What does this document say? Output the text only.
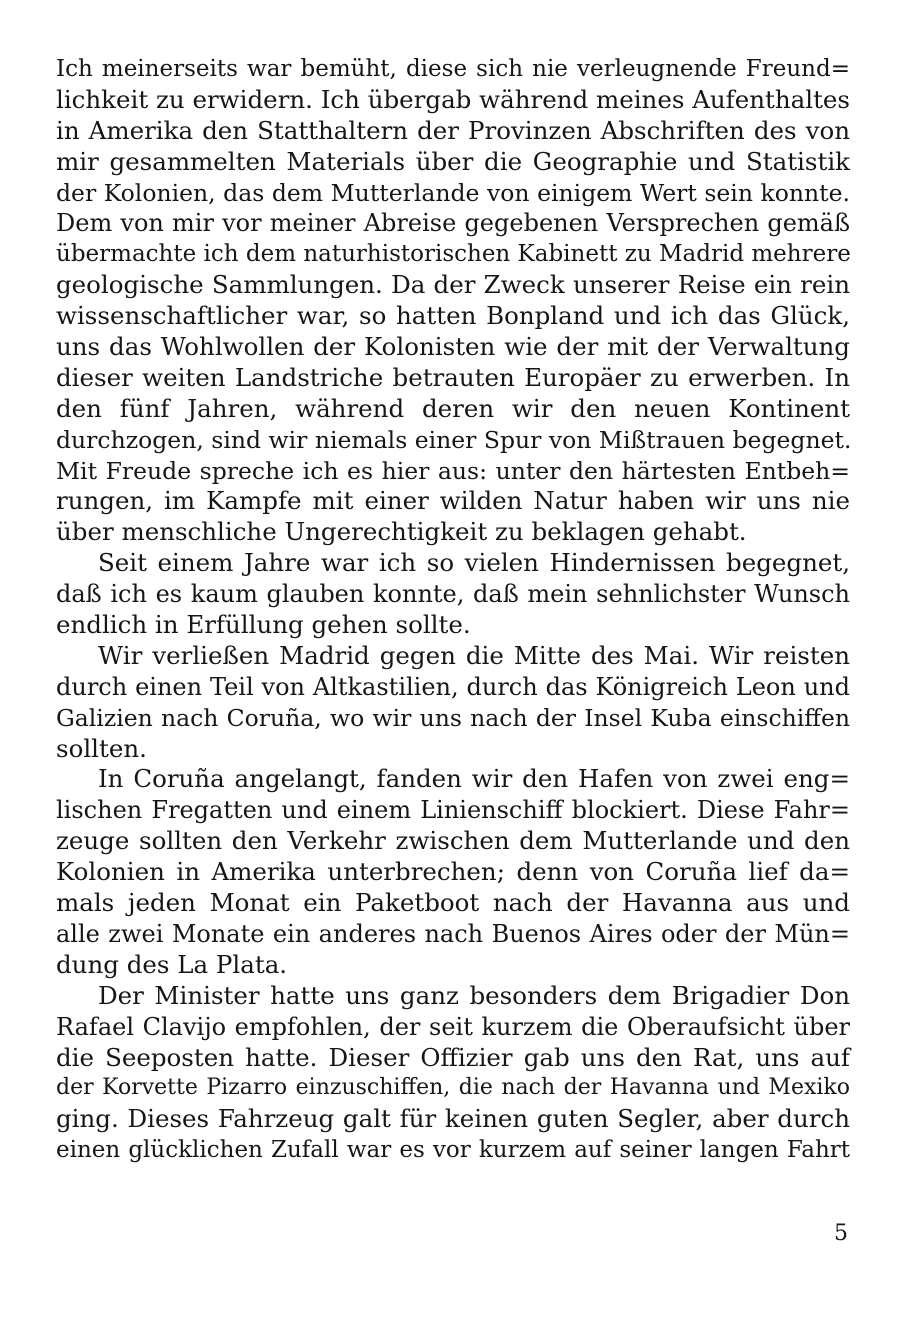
Ich meinerseits war bemüht, diese sich nie verleugnende Freund=
lichkeit zu erwidern. Ich übergab während meines Aufenthaltes
in Amerika den Statthaltern der Provinzen Abschriften des von
mir gesammelten Materials über die Geographie und Statistik
der Kolonien, das dem Mutterlande von einigem Wert sein konnte.
Dem von mir vor meiner Abreise gegebenen Versprechen gemäß
übermachte ich dem naturhistorischen Kabinett zu Madrid mehrere
geologische Sammlungen. Da der Zweck unserer Reise ein rein
wissenschaftlicher war, so hatten Bonpland und ich das Glück,
uns das Wohlwollen der Kolonisten wie der mit der Verwaltung
dieser weiten Landstriche betrauten Europäer zu erwerben. In
den fünf Jahren, während deren wir den neuen Kontinent
durchzogen, sind wir niemals einer Spur von Mißtrauen begegnet.
Mit Freude spreche ich es hier aus: unter den härtesten Entbeh=
rungen, im Kampfe mit einer wilden Natur haben wir uns nie
über menschliche Ungerechtigkeit zu beklagen gehabt.
Seit einem Jahre war ich so vielen Hindernissen begegnet,
daß ich es kaum glauben konnte, daß mein sehnlichster Wunsch
endlich in Erfüllung gehen sollte.
Wir verließen Madrid gegen die Mitte des Mai. Wir reisten
durch einen Teil von Altkastilien, durch das Königreich Leon und
Galizien nach Coruña, wo wir uns nach der Insel Kuba einschiffen
sollten.
In Coruña angelangt, fanden wir den Hafen von zwei eng=
lischen Fregatten und einem Linienschiff blockiert. Diese Fahr=
zeuge sollten den Verkehr zwischen dem Mutterlande und den
Kolonien in Amerika unterbrechen; denn von Coruña lief da=
mals jeden Monat ein Paketboot nach der Havanna aus und
alle zwei Monate ein anderes nach Buenos Aires oder der Mün=
dung des La Plata.
Der Minister hatte uns ganz besonders dem Brigadier Don
Rafael Clavijo empfohlen, der seit kurzem die Oberaufsicht über
die Seeposten hatte. Dieser Offizier gab uns den Rat, uns auf
der Korvette Pizarro einzuschiffen, die nach der Havanna und Mexiko
ging. Dieses Fahrzeug galt für keinen guten Segler, aber durch
einen glücklichen Zufall war es vor kurzem auf seiner langen Fahrt
5
